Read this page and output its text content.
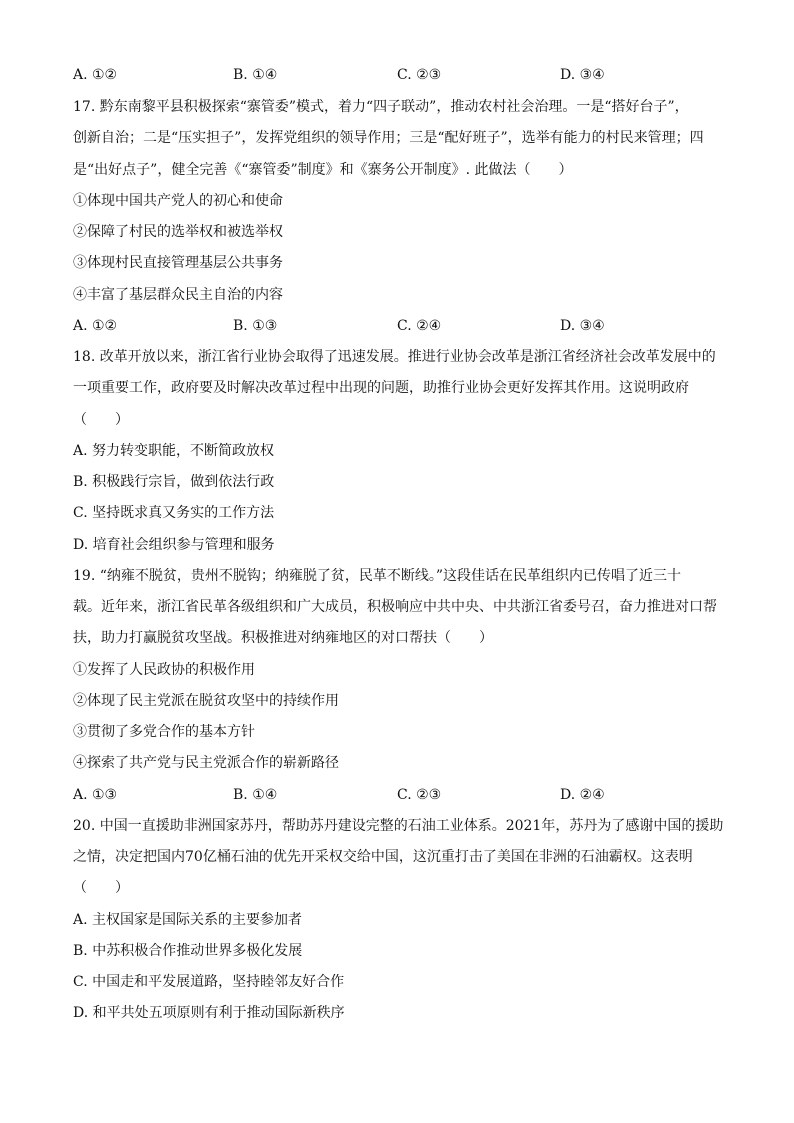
A. ①②	B. ①④	C. ②③	D. ③④
17. 黔东南黎平县积极探索“寨管委”模式，着力“四子联动”，推动农村社会治理。一是“搭好台子”，
创新自治；二是“压实担子”，发挥党组织的领导作用；三是“配好班子”，选举有能力的村民来管理；四
是“出好点子”，健全完善《“寨管委”制度》和《寨务公开制度》. 此做法（　　）
①体现中国共产党人的初心和使命
②保障了村民的选举权和被选举权
③体现村民直接管理基层公共事务
④丰富了基层群众民主自治的内容
A. ①②	B. ①③	C. ②④	D. ③④
18. 改革开放以来，浙江省行业协会取得了迅速发展。推进行业协会改革是浙江省经济社会改革发展中的
一项重要工作，政府要及时解决改革过程中出现的问题，助推行业协会更好发挥其作用。这说明政府
（　　）
A. 努力转变职能，不断简政放权
B. 积极践行宗旨，做到依法行政
C. 坚持既求真又务实的工作方法
D. 培育社会组织参与管理和服务
19. “纳雍不脱贫，贵州不脱钩；纳雍脱了贫，民革不断线。”这段佳话在民革组织内已传唱了近三十
载。近年来，浙江省民革各级组织和广大成员，积极响应中共中央、中共浙江省委号召，奋力推进对口帮
扶，助力打赢脱贫攻坚战。积极推进对纳雍地区的对口帮扶（　　）
①发挥了人民政协的积极作用
②体现了民主党派在脱贫攻坚中的持续作用
③贯彻了多党合作的基本方针
④探索了共产党与民主党派合作的崭新路径
A. ①③	B. ①④	C. ②③	D. ②④
20. 中国一直援助非洲国家苏丹，帮助苏丹建设完整的石油工业体系。2021年，苏丹为了感谢中国的援助
之情，决定把国内70亿桶石油的优先开采权交给中国，这沉重打击了美国在非洲的石油霸权。这表明
（　　）
A. 主权国家是国际关系的主要参加者
B. 中苏积极合作推动世界多极化发展
C. 中国走和平发展道路，坚持睦邻友好合作
D. 和平共处五项原则有利于推动国际新秩序
